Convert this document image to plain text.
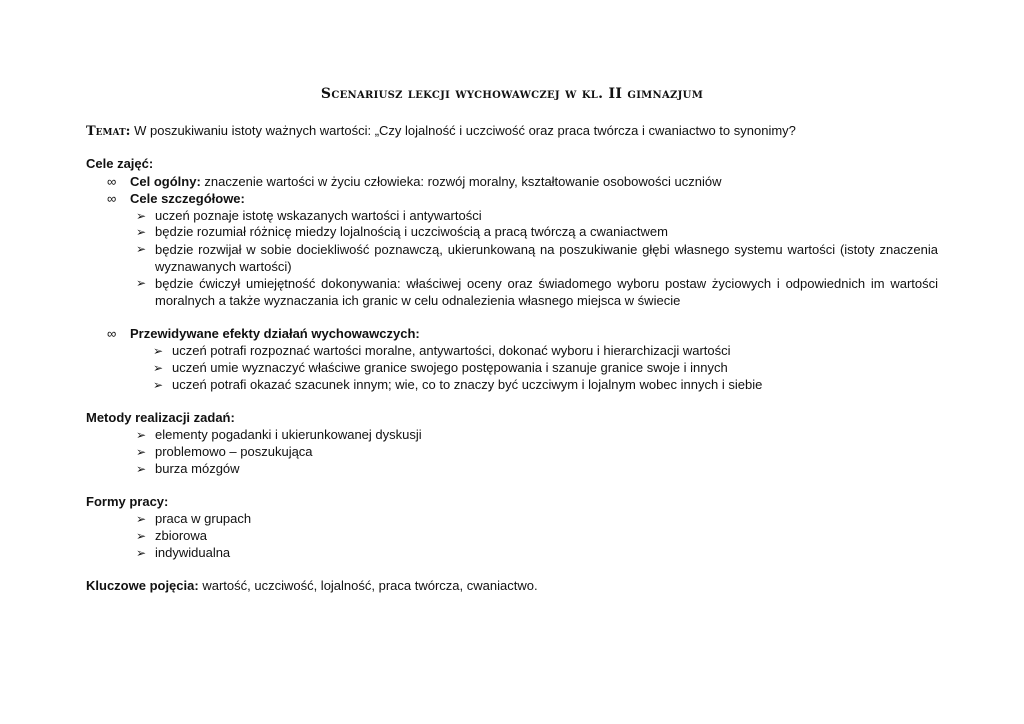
Scenariusz lekcji wychowawczej w kl. II gimnazjum
Temat: W poszukiwaniu istoty ważnych wartości: „Czy lojalność i uczciwość oraz praca twórcza i cwaniactwo to synonimy?
Cele zajęć:
∞ Cel ogólny: znaczenie wartości w życiu człowieka: rozwój moralny, kształtowanie osobowości uczniów
∞ Cele szczegółowe:
➢ uczeń poznaje istotę wskazanych wartości i antywartości
➢ będzie rozumiał różnicę miedzy lojalnością i uczciwością a pracą twórczą a cwaniactwem
➢ będzie rozwijał w sobie dociekliwość poznawczą, ukierunkowaną na poszukiwanie głębi własnego systemu wartości (istoty znaczenia wyznawanych wartości)
➢ będzie ćwiczył umiejętność dokonywania: właściwej oceny oraz świadomego wyboru postaw życiowych i odpowiednich im wartości moralnych a także wyznaczania ich granic w celu odnalezienia własnego miejsca w świecie
∞ Przewidywane efekty działań wychowawczych:
➢ uczeń potrafi rozpoznać wartości moralne, antywartości, dokonać wyboru i hierarchizacji wartości
➢ uczeń umie wyznaczyć właściwe granice swojego postępowania i szanuje granice swoje i innych
➢ uczeń potrafi okazać szacunek innym; wie, co to znaczy być uczciwym i lojalnym wobec innych i siebie
Metody realizacji zadań:
➢ elementy pogadanki i ukierunkowanej dyskusji
➢ problemowo – poszukująca
➢ burza mózgów
Formy pracy:
➢ praca w grupach
➢ zbiorowa
➢ indywidualna
Kluczowe pojęcia: wartość, uczciwość, lojalność, praca twórcza, cwaniactwo.
